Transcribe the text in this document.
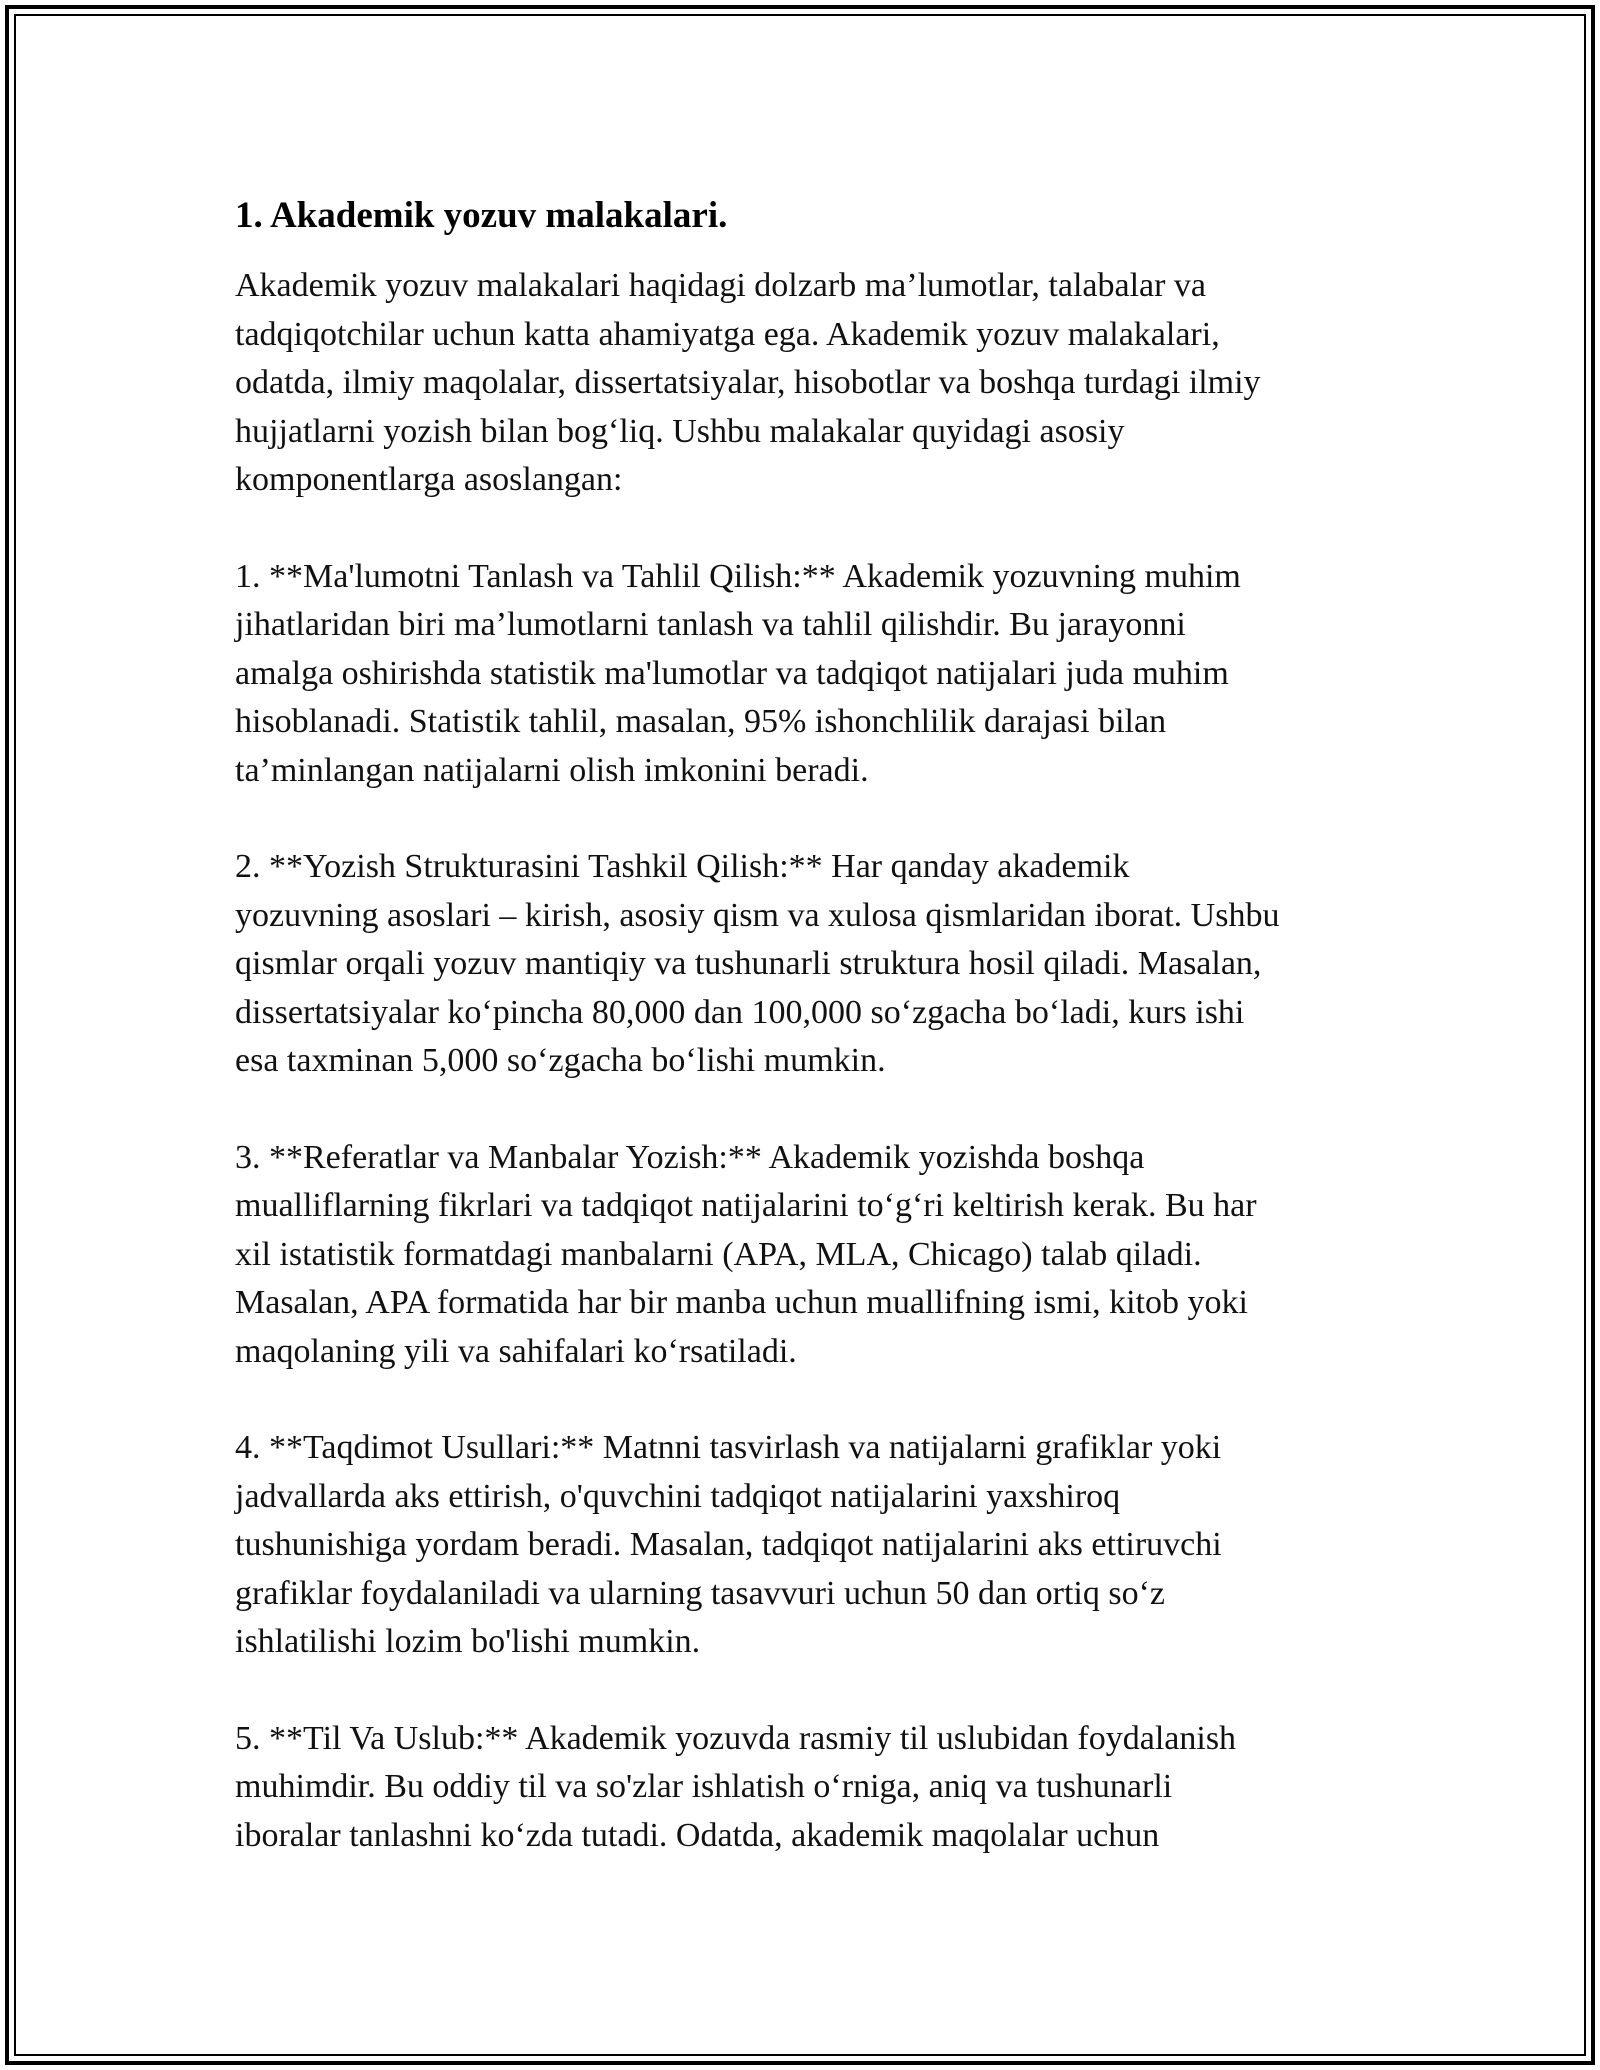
1. Akademik yozuv malakalari.

Akademik yozuv malakalari haqidagi dolzarb ma’lumotlar, talabalar va
tadqiqotchilar uchun katta ahamiyatga ega. Akademik yozuv malakalari,
odatda, ilmiy maqolalar, dissertatsiyalar, hisobotlar va boshqa turdagi ilmiy
hujjatlarni yozish bilan bog‘liq. Ushbu malakalar quyidagi asosiy
komponentlarga asoslangan:

1. **Ma'lumotni Tanlash va Tahlil Qilish:** Akademik yozuvning muhim
jihatlaridan biri ma’lumotlarni tanlash va tahlil qilishdir. Bu jarayonni
amalga oshirishda statistik ma'lumotlar va tadqiqot natijalari juda muhim
hisoblanadi. Statistik tahlil, masalan, 95% ishonchlilik darajasi bilan
ta’minlangan natijalarni olish imkonini beradi.

2. **Yozish Strukturasini Tashkil Qilish:** Har qanday akademik
yozuvning asoslari – kirish, asosiy qism va xulosa qismlaridan iborat. Ushbu
qismlar orqali yozuv mantiqiy va tushunarli struktura hosil qiladi. Masalan,
dissertatsiyalar ko‘pincha 80,000 dan 100,000 so‘zgacha bo‘ladi, kurs ishi
esa taxminan 5,000 so‘zgacha bo‘lishi mumkin.

3. **Referatlar va Manbalar Yozish:** Akademik yozishda boshqa
mualliflarning fikrlari va tadqiqot natijalarini to‘g‘ri keltirish kerak. Bu har
xil istatistik formatdagi manbalarni (APA, MLA, Chicago) talab qiladi.
Masalan, APA formatida har bir manba uchun muallifning ismi, kitob yoki
maqolaning yili va sahifalari ko‘rsatiladi.

4. **Taqdimot Usullari:** Matnni tasvirlash va natijalarni grafiklar yoki
jadvallarda aks ettirish, o'quvchini tadqiqot natijalarini yaxshiroq
tushunishiga yordam beradi. Masalan, tadqiqot natijalarini aks ettiruvchi
grafiklar foydalaniladi va ularning tasavvuri uchun 50 dan ortiq so‘z
ishlatilishi lozim bo'lishi mumkin.

5. **Til Va Uslub:** Akademik yozuvda rasmiy til uslubidan foydalanish
muhimdir. Bu oddiy til va so'zlar ishlatish o‘rniga, aniq va tushunarli
iboralar tanlashni ko‘zda tutadi. Odatda, akademik maqolalar uchun
